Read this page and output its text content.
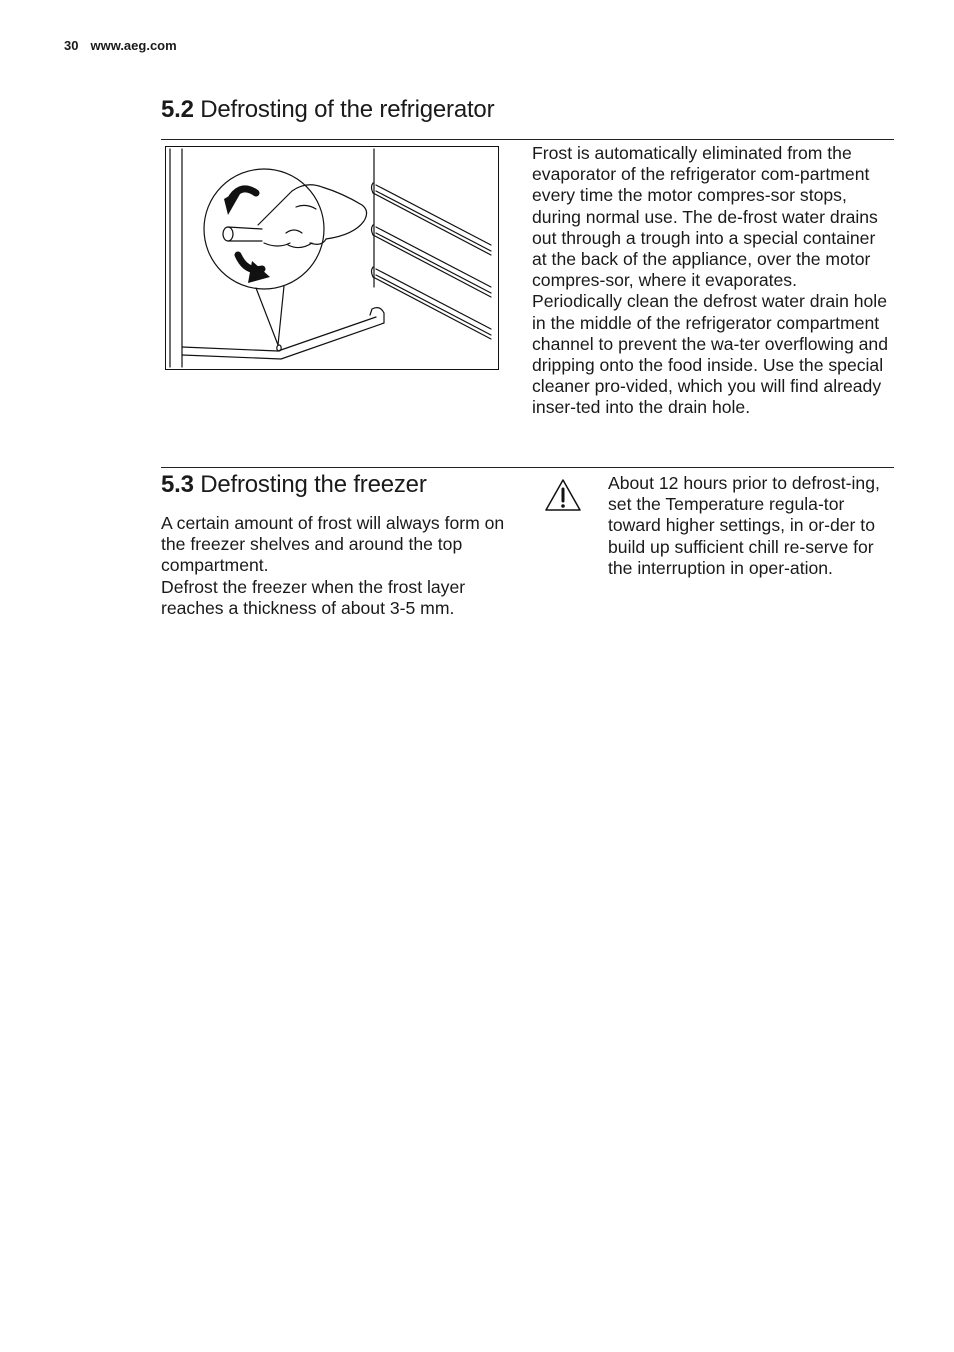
30 www.aeg.com
5.2 Defrosting of the refrigerator

Frost is automatically eliminated from the evaporator of the refrigerator com-partment every time the motor compres-sor stops, during normal use. The de-frost water drains out through a trough into a special container at the back of the appliance, over the motor compres-sor, where it evaporates.

Periodically clean the defrost water drain hole in the middle of the refrigerator compartment channel to prevent the wa-ter overflowing and dripping onto the food inside. Use the special cleaner pro-vided, which you will find already inser-ted into the drain hole.

5.3 Defrosting the freezer

A certain amount of frost will always form on the freezer shelves and around the top compartment.

Defrost the freezer when the frost layer reaches a thickness of about 3-5 mm.

About 12 hours prior to defrost-ing, set the Temperature regula-tor toward higher settings, in or-der to build up sufficient chill re-serve for the interruption in oper-ation.
